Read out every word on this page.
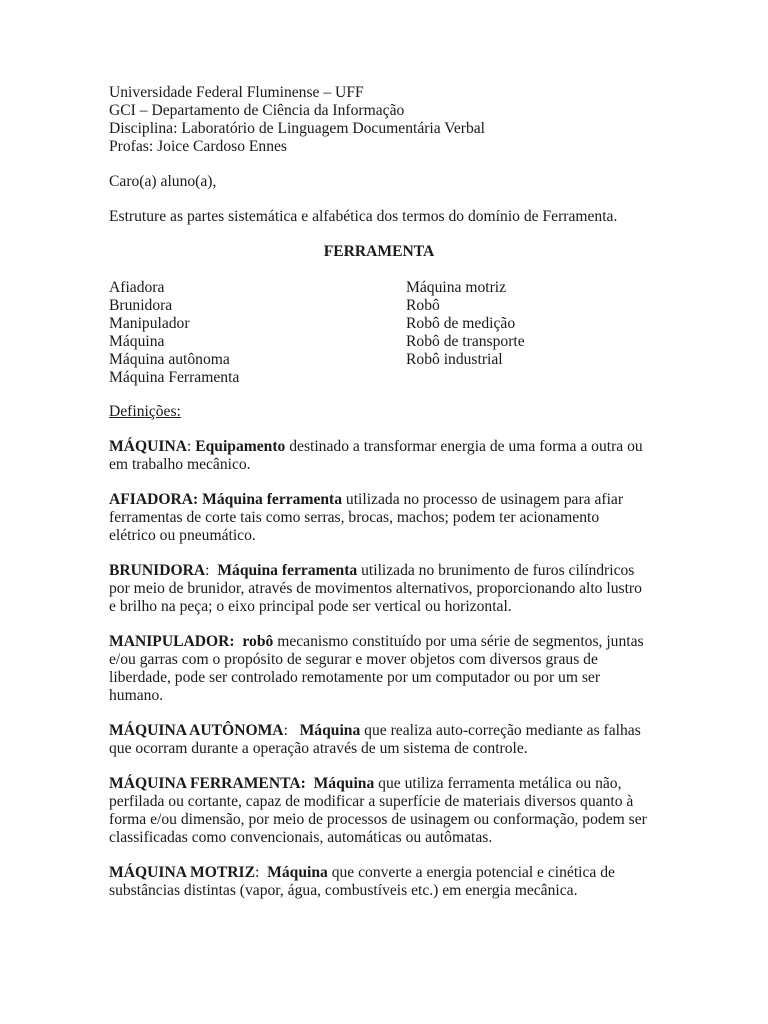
Universidade Federal Fluminense – UFF
GCI – Departamento de Ciência da Informação
Disciplina: Laboratório de Linguagem Documentária Verbal
Profas: Joice Cardoso Ennes
Caro(a) aluno(a),
Estruture as partes sistemática e alfabética dos termos do domínio de Ferramenta.
FERRAMENTA
Afiadora
Brunidora
Manipulador
Máquina
Máquina autônoma
Máquina Ferramenta
Máquina motriz
Robô
Robô de medição
Robô de transporte
Robô industrial
Definições:

MÁQUINA: Equipamento destinado a transformar energia de uma forma a outra ou em trabalho mecânico.

AFIADORA: Máquina ferramenta utilizada no processo de usinagem para afiar ferramentas de corte tais como serras, brocas, machos; podem ter acionamento elétrico ou pneumático.

BRUNIDORA:  Máquina ferramenta utilizada no brunimento de furos cilíndricos por meio de brunidor, através de movimentos alternativos, proporcionando alto lustro e brilho na peça; o eixo principal pode ser vertical ou horizontal.

MANIPULADOR: robô mecanismo constituído por uma série de segmentos, juntas e/ou garras com o propósito de segurar e mover objetos com diversos graus de liberdade, pode ser controlado remotamente por um computador ou por um ser humano.

MÁQUINA AUTÔNOMA:   Máquina que realiza auto-correção mediante as falhas que ocorram durante a operação através de um sistema de controle.

MÁQUINA FERRAMENTA: Máquina que utiliza ferramenta metálica ou não, perfilada ou cortante, capaz de modificar a superfície de materiais diversos quanto à forma e/ou dimensão, por meio de processos de usinagem ou conformação, podem ser classificadas como convencionais, automáticas ou autômatas.

MÁQUINA MOTRIZ:  Máquina que converte a energia potencial e cinética de substâncias distintas (vapor, água, combustíveis etc.) em energia mecânica.
